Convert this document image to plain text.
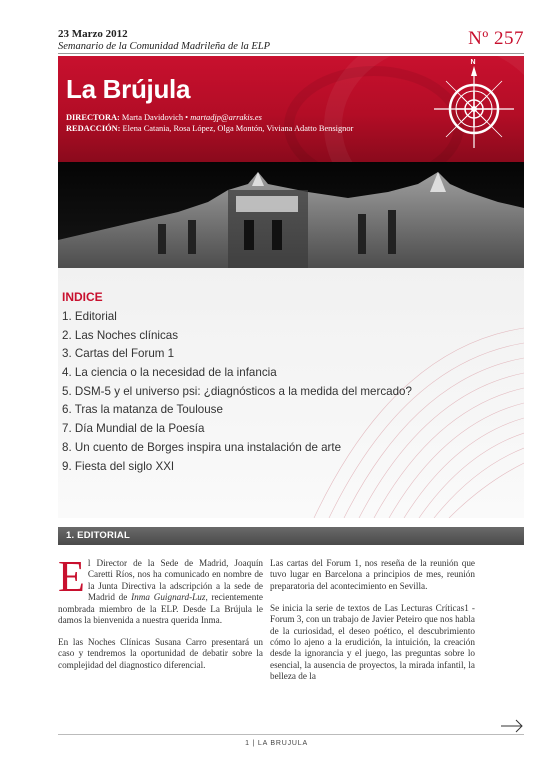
23 Marzo 2012
Semanario de la Comunidad Madrileña de la ELP	Nº 257
La Brújula
DIRECTORA: Marta Davidovich • martadjp@arrakis.es
REDACCIÓN: Elena Catania, Rosa López, Olga Montón, Viviana Adatto Bensignor
N
INDICE
1. Editorial
2. Las Noches clínicas
3. Cartas del Forum 1
4. La ciencia o la necesidad de la infancia
5. DSM-5 y el universo psi: ¿diagnósticos a la medida del mercado?
6. Tras la matanza de Toulouse
7. Día Mundial de la Poesía
8. Un cuento de Borges inspira una instalación de arte
9. Fiesta del siglo XXI
1. EDITORIAL

El Director de la Sede de Madrid, Joaquín Caretti Ríos, nos ha comunicado en nombre de la Junta Directiva la adscripción a la sede de Madrid de Inma Guignard-Luz, recientemente nombrada miembro de la ELP. Desde La Brújula le damos la bienvenida a nuestra querida Inma.

En las Noches Clínicas Susana Carro presentará un caso y tendremos la oportunidad de debatir sobre la complejidad del diagnostico diferencial.

Las cartas del Forum 1, nos reseña de la reunión que tuvo lugar en Barcelona a principios de mes, reunión preparatoria del acontecimiento en Sevilla.

Se inicia la serie de textos de Las Lecturas Críticas1 - Forum 3, con un trabajo de Javier Peteiro que nos habla de la curiosidad, el deseo poético, el descubrimiento cómo lo ajeno a la erudición, la intuición, la creación desde la ignorancia y el juego, las preguntas sobre lo esencial, la ausencia de proyectos, la mirada infantil, la belleza de la

1 | LA BRUJULA
